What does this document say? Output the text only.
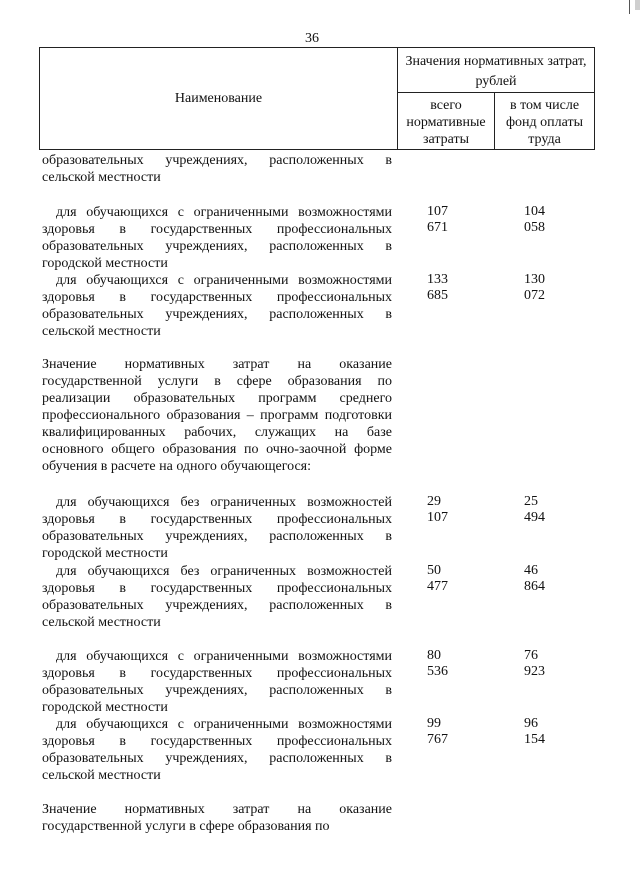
36
Наименование
Значения нормативных затрат, рублей
всего нормативные затраты
в том числе фонд оплаты труда

образовательных учреждениях, расположенных в сельской местности

для обучающихся с ограниченными возможностями здоровья в государственных профессиональных образовательных учреждениях, расположенных в городской местности

107 671
104 058

для обучающихся с ограниченными возможностями здоровья в государственных профессиональных образовательных учреждениях, расположенных в сельской местности

133 685
130 072

Значение нормативных затрат на оказание государственной услуги в сфере образования по реализации образовательных программ среднего профессионального образования – программ подготовки квалифицированных рабочих, служащих на базе основного общего образования по очно-заочной форме обучения в расчете на одного обучающегося:

для обучающихся без ограниченных возможностей здоровья в государственных профессиональных образовательных учреждениях, расположенных в городской местности

29 107
25 494

для обучающихся без ограниченных возможностей здоровья в государственных профессиональных образовательных учреждениях, расположенных в сельской местности

50 477
46 864

для обучающихся с ограниченными возможностями здоровья в государственных профессиональных образовательных учреждениях, расположенных в городской местности

80 536
76 923

для обучающихся с ограниченными возможностями здоровья в государственных профессиональных образовательных учреждениях, расположенных в сельской местности

99 767
96 154

Значение нормативных затрат на оказание государственной услуги в сфере образования по
